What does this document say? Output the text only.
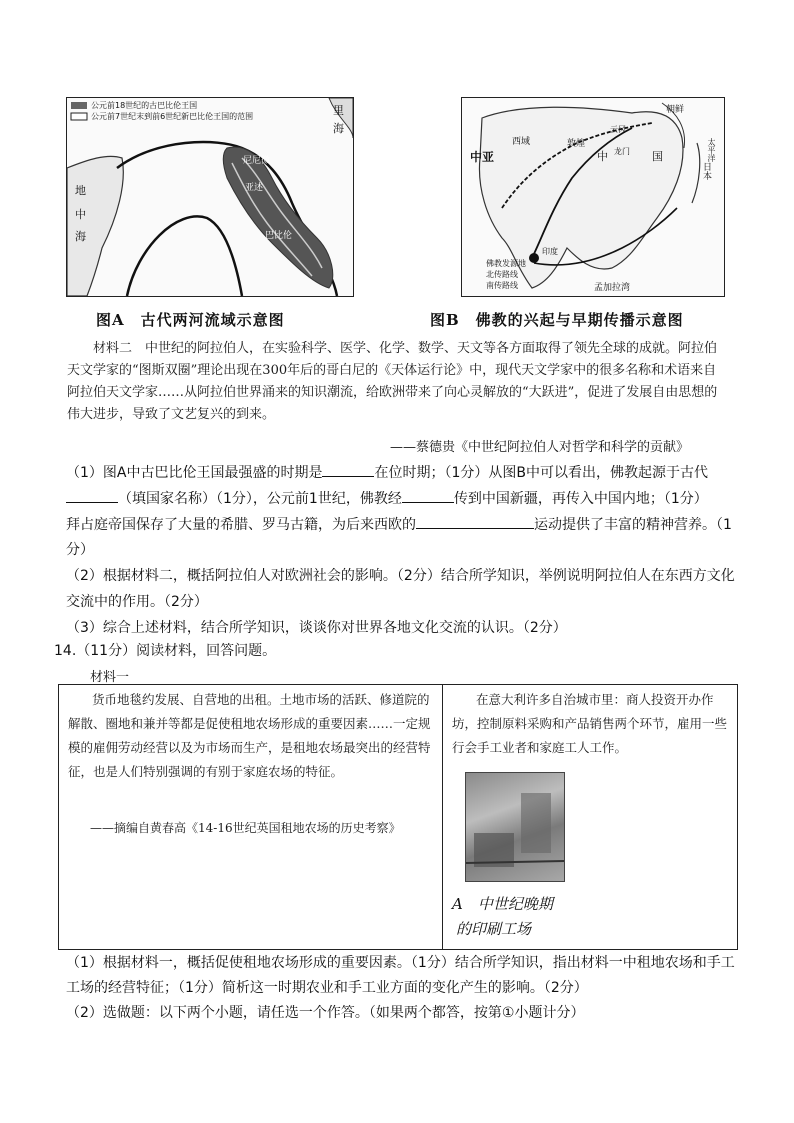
公元前18世纪的古巴比伦王国
公元前7世纪末到前6世纪新巴比伦王国的范围	里
海
地
中
海
尼尼微
亚述
巴比伦
中亚
朝鲜
日本
西域	敦煌
云冈
龙门
中	国	太平洋
印度
孟加拉湾
佛教发源地
北传路线
南传路线
图A　古代两河流域示意图	图B　佛教的兴起与早期传播示意图
材料二　中世纪的阿拉伯人，在实验科学、医学、化学、数学、天文等各方面取得了领先全球的成就。阿拉伯天文学家的“图斯双圈”理论出现在300年后的哥白尼的《天体运行论》中，现代天文学家中的很多名称和术语来自阿拉伯天文学家……从阿拉伯世界涌来的知识潮流，给欧洲带来了向心灵解放的“大跃进”，促进了发展自由思想的伟大进步，导致了文艺复兴的到来。
——蔡德贵《中世纪阿拉伯人对哲学和科学的贡献》
（1）图A中古巴比伦王国最强盛的时期是	在位时期；（1分）从图B中可以看出，佛教起源于古代
（填国家名称）（1分），公元前1世纪，佛教经	传到中国新疆，再传入中国内地；（1分）
拜占庭帝国保存了大量的希腊、罗马古籍，为后来西欧的	运动提供了丰富的精神营养。（1
分）
（2）根据材料二，概括阿拉伯人对欧洲社会的影响。（2分）结合所学知识，举例说明阿拉伯人在东西方文化
交流中的作用。（2分）
（3）综合上述材料，结合所学知识，谈谈你对世界各地文化交流的认识。（2分）
14.（11分）阅读材料，回答问题。
材料一
货币地毯约发展、自营地的出租。土地市场的活跃、修道院的解散、圈地和兼并等都是促使租地农场形成的重要因素……一定规模的雇佣劳动经营以及为市场而生产，是租地农场最突出的经营特征，也是人们特别强调的有别于家庭农场的特征。
——摘编自黄春高《14-16世纪英国租地农场的历史考察》
在意大利许多自治城市里：商人投资开办作坊，控制原料采购和产品销售两个环节，雇用一些行会手工业者和家庭工人工作。
A　中世纪晚期
的印刷工场
（1）根据材料一，概括促使租地农场形成的重要因素。（1分）结合所学知识，指出材料一中租地农场和手工
工场的经营特征；（1分）简析这一时期农业和手工业方面的变化产生的影响。（2分）
（2）选做题：以下两个小题，请任选一个作答。（如果两个都答，按第①小题计分）
